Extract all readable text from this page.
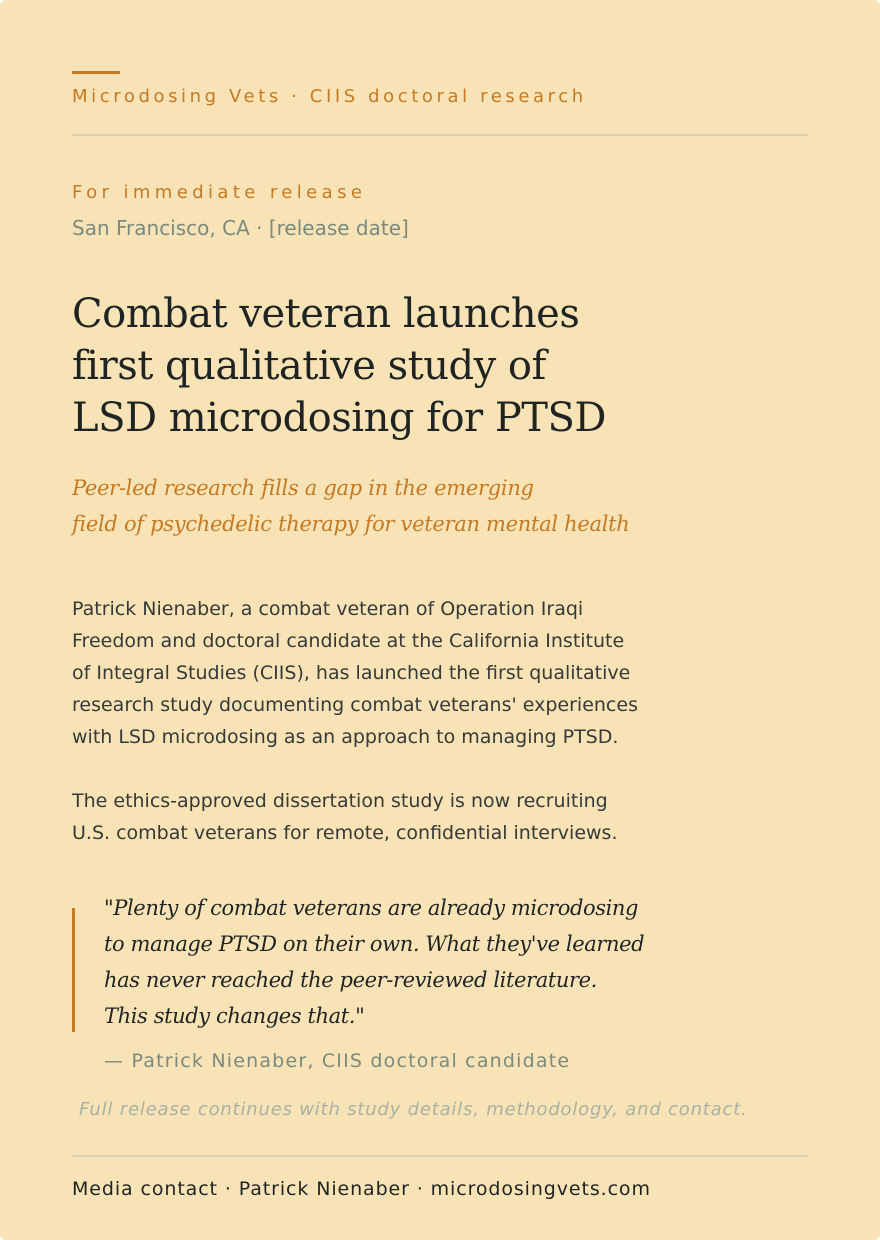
Microdosing Vets · CIIS doctoral research
For immediate release
San Francisco, CA · [release date]
Combat veteran launches
first qualitative study of
LSD microdosing for PTSD
Peer-led research fills a gap in the emerging
field of psychedelic therapy for veteran mental health
Patrick Nienaber, a combat veteran of Operation Iraqi
Freedom and doctoral candidate at the California Institute
of Integral Studies (CIIS), has launched the first qualitative
research study documenting combat veterans' experiences
with LSD microdosing as an approach to managing PTSD.
The ethics-approved dissertation study is now recruiting
U.S. combat veterans for remote, confidential interviews.
"Plenty of combat veterans are already microdosing
to manage PTSD on their own. What they've learned
has never reached the peer-reviewed literature.
This study changes that."
— Patrick Nienaber, CIIS doctoral candidate
Full release continues with study details, methodology, and contact.
Media contact · Patrick Nienaber · microdosingvets.com
